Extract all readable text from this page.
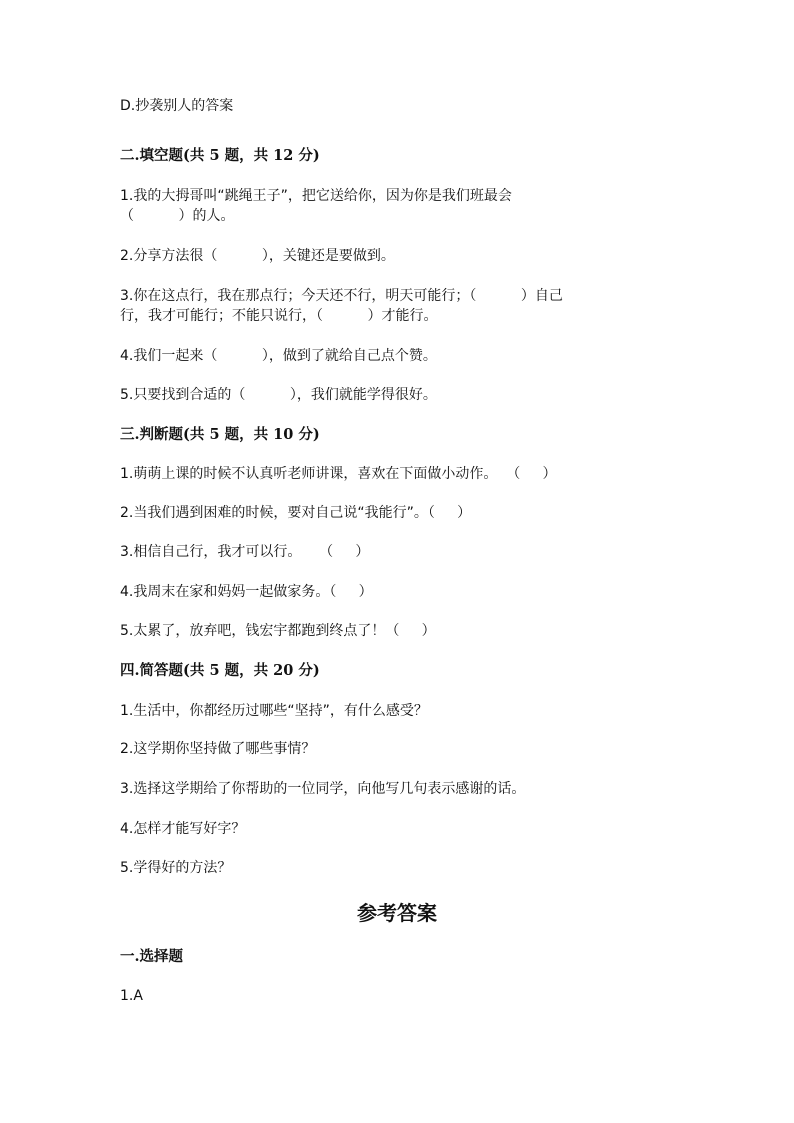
D.抄袭别人的答案
二.填空题(共 5 题，共 12 分)
1.我的大拇哥叫“跳绳王子”，把它送给你，因为你是我们班最会
（          ）的人。
2.分享方法很（          ），关键还是要做到。
3.你在这点行，我在那点行；今天还不行，明天可能行；（          ）自己
行，我才可能行；不能只说行，（          ）才能行。
4.我们一起来（          ），做到了就给自己点个赞。
5.只要找到合适的（          ），我们就能学得很好。
三.判断题(共 5 题，共 10 分)
1.萌萌上课的时候不认真听老师讲课，喜欢在下面做小动作。  （     ）
2.当我们遇到困难的时候，要对自己说“我能行”。（     ）
3.相信自己行，我才可以行。    （     ）
4.我周末在家和妈妈一起做家务。（     ）
5.太累了，放弃吧，钱宏宇都跑到终点了！（     ）
四.简答题(共 5 题，共 20 分)
1.生活中，你都经历过哪些“坚持”，有什么感受？
2.这学期你坚持做了哪些事情？
3.选择这学期给了你帮助的一位同学，向他写几句表示感谢的话。
4.怎样才能写好字？
5.学得好的方法？
参考答案
一.选择题
1.A
